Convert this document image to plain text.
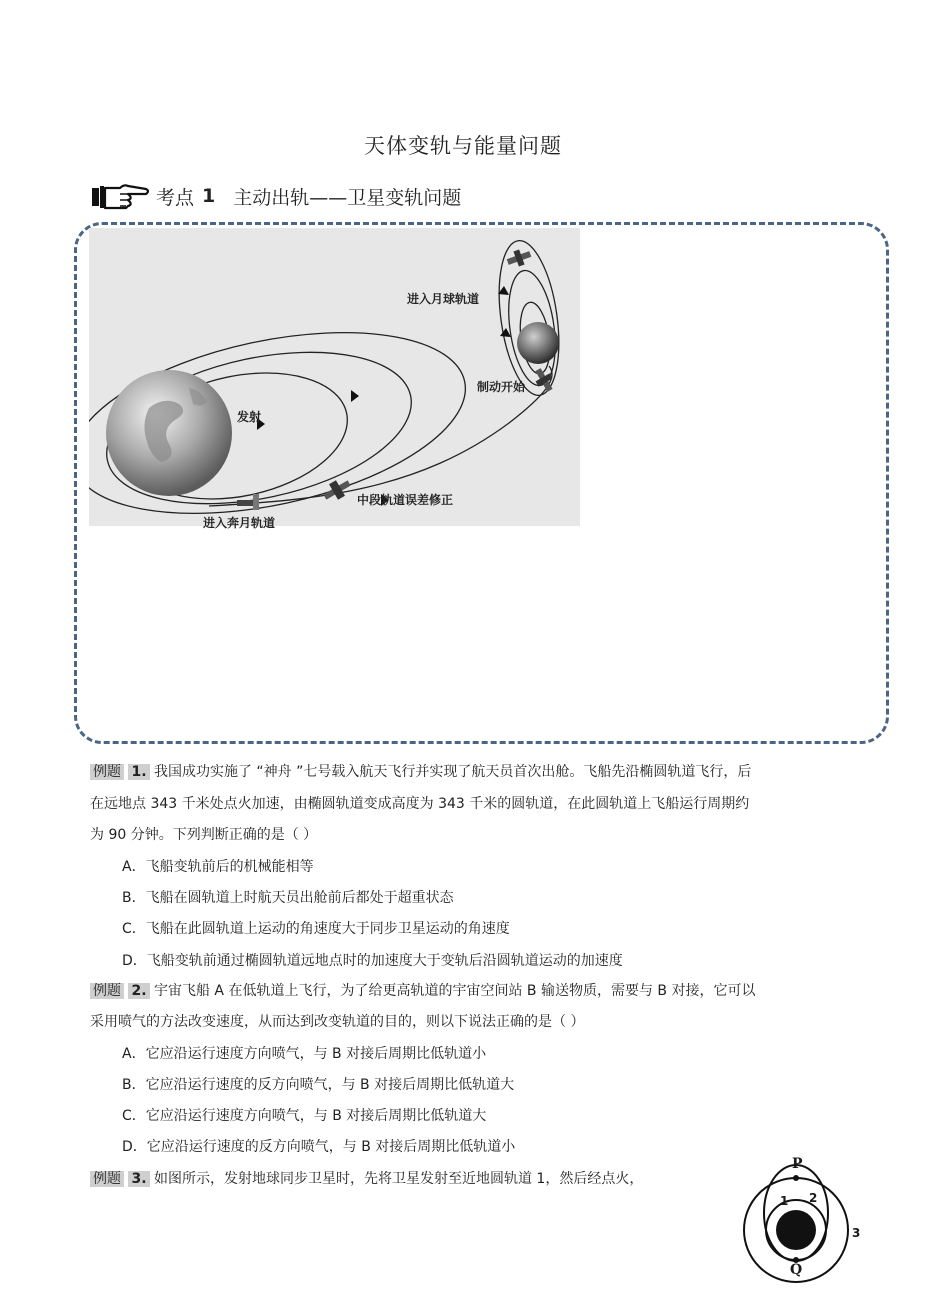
天体变轨与能量问题
考点 1 主动出轨——卫星变轨问题
发射
进入奔月轨道
中段轨道误差修正
制动开始
进入月球轨道
例题 1. 我国成功实施了 “神舟 ”七号载入航天飞行并实现了航天员首次出舱。飞船先沿椭圆轨道飞行，后
在远地点 343 千米处点火加速，由椭圆轨道变成高度为 343 千米的圆轨道，在此圆轨道上飞船运行周期约
为 90 分钟。下列判断正确的是（ ）
A．飞船变轨前后的机械能相等
B．飞船在圆轨道上时航天员出舱前后都处于超重状态
C．飞船在此圆轨道上运动的角速度大于同步卫星运动的角速度
D．飞船变轨前通过椭圆轨道远地点时的加速度大于变轨后沿圆轨道运动的加速度
例题 2. 宇宙飞船 A 在低轨道上飞行，为了给更高轨道的宇宙空间站 B 输送物质，需要与 B 对接，它可以
采用喷气的方法改变速度，从而达到改变轨道的目的，则以下说法正确的是（ ）
A．它应沿运行速度方向喷气，与 B 对接后周期比低轨道小
B．它应沿运行速度的反方向喷气，与 B 对接后周期比低轨道大
C．它应沿运行速度方向喷气，与 B 对接后周期比低轨道大
D．它应沿运行速度的反方向喷气，与 B 对接后周期比低轨道小
例题 3. 如图所示，发射地球同步卫星时，先将卫星发射至近地圆轨道 1，然后经点火，
P
Q
1 2
3
